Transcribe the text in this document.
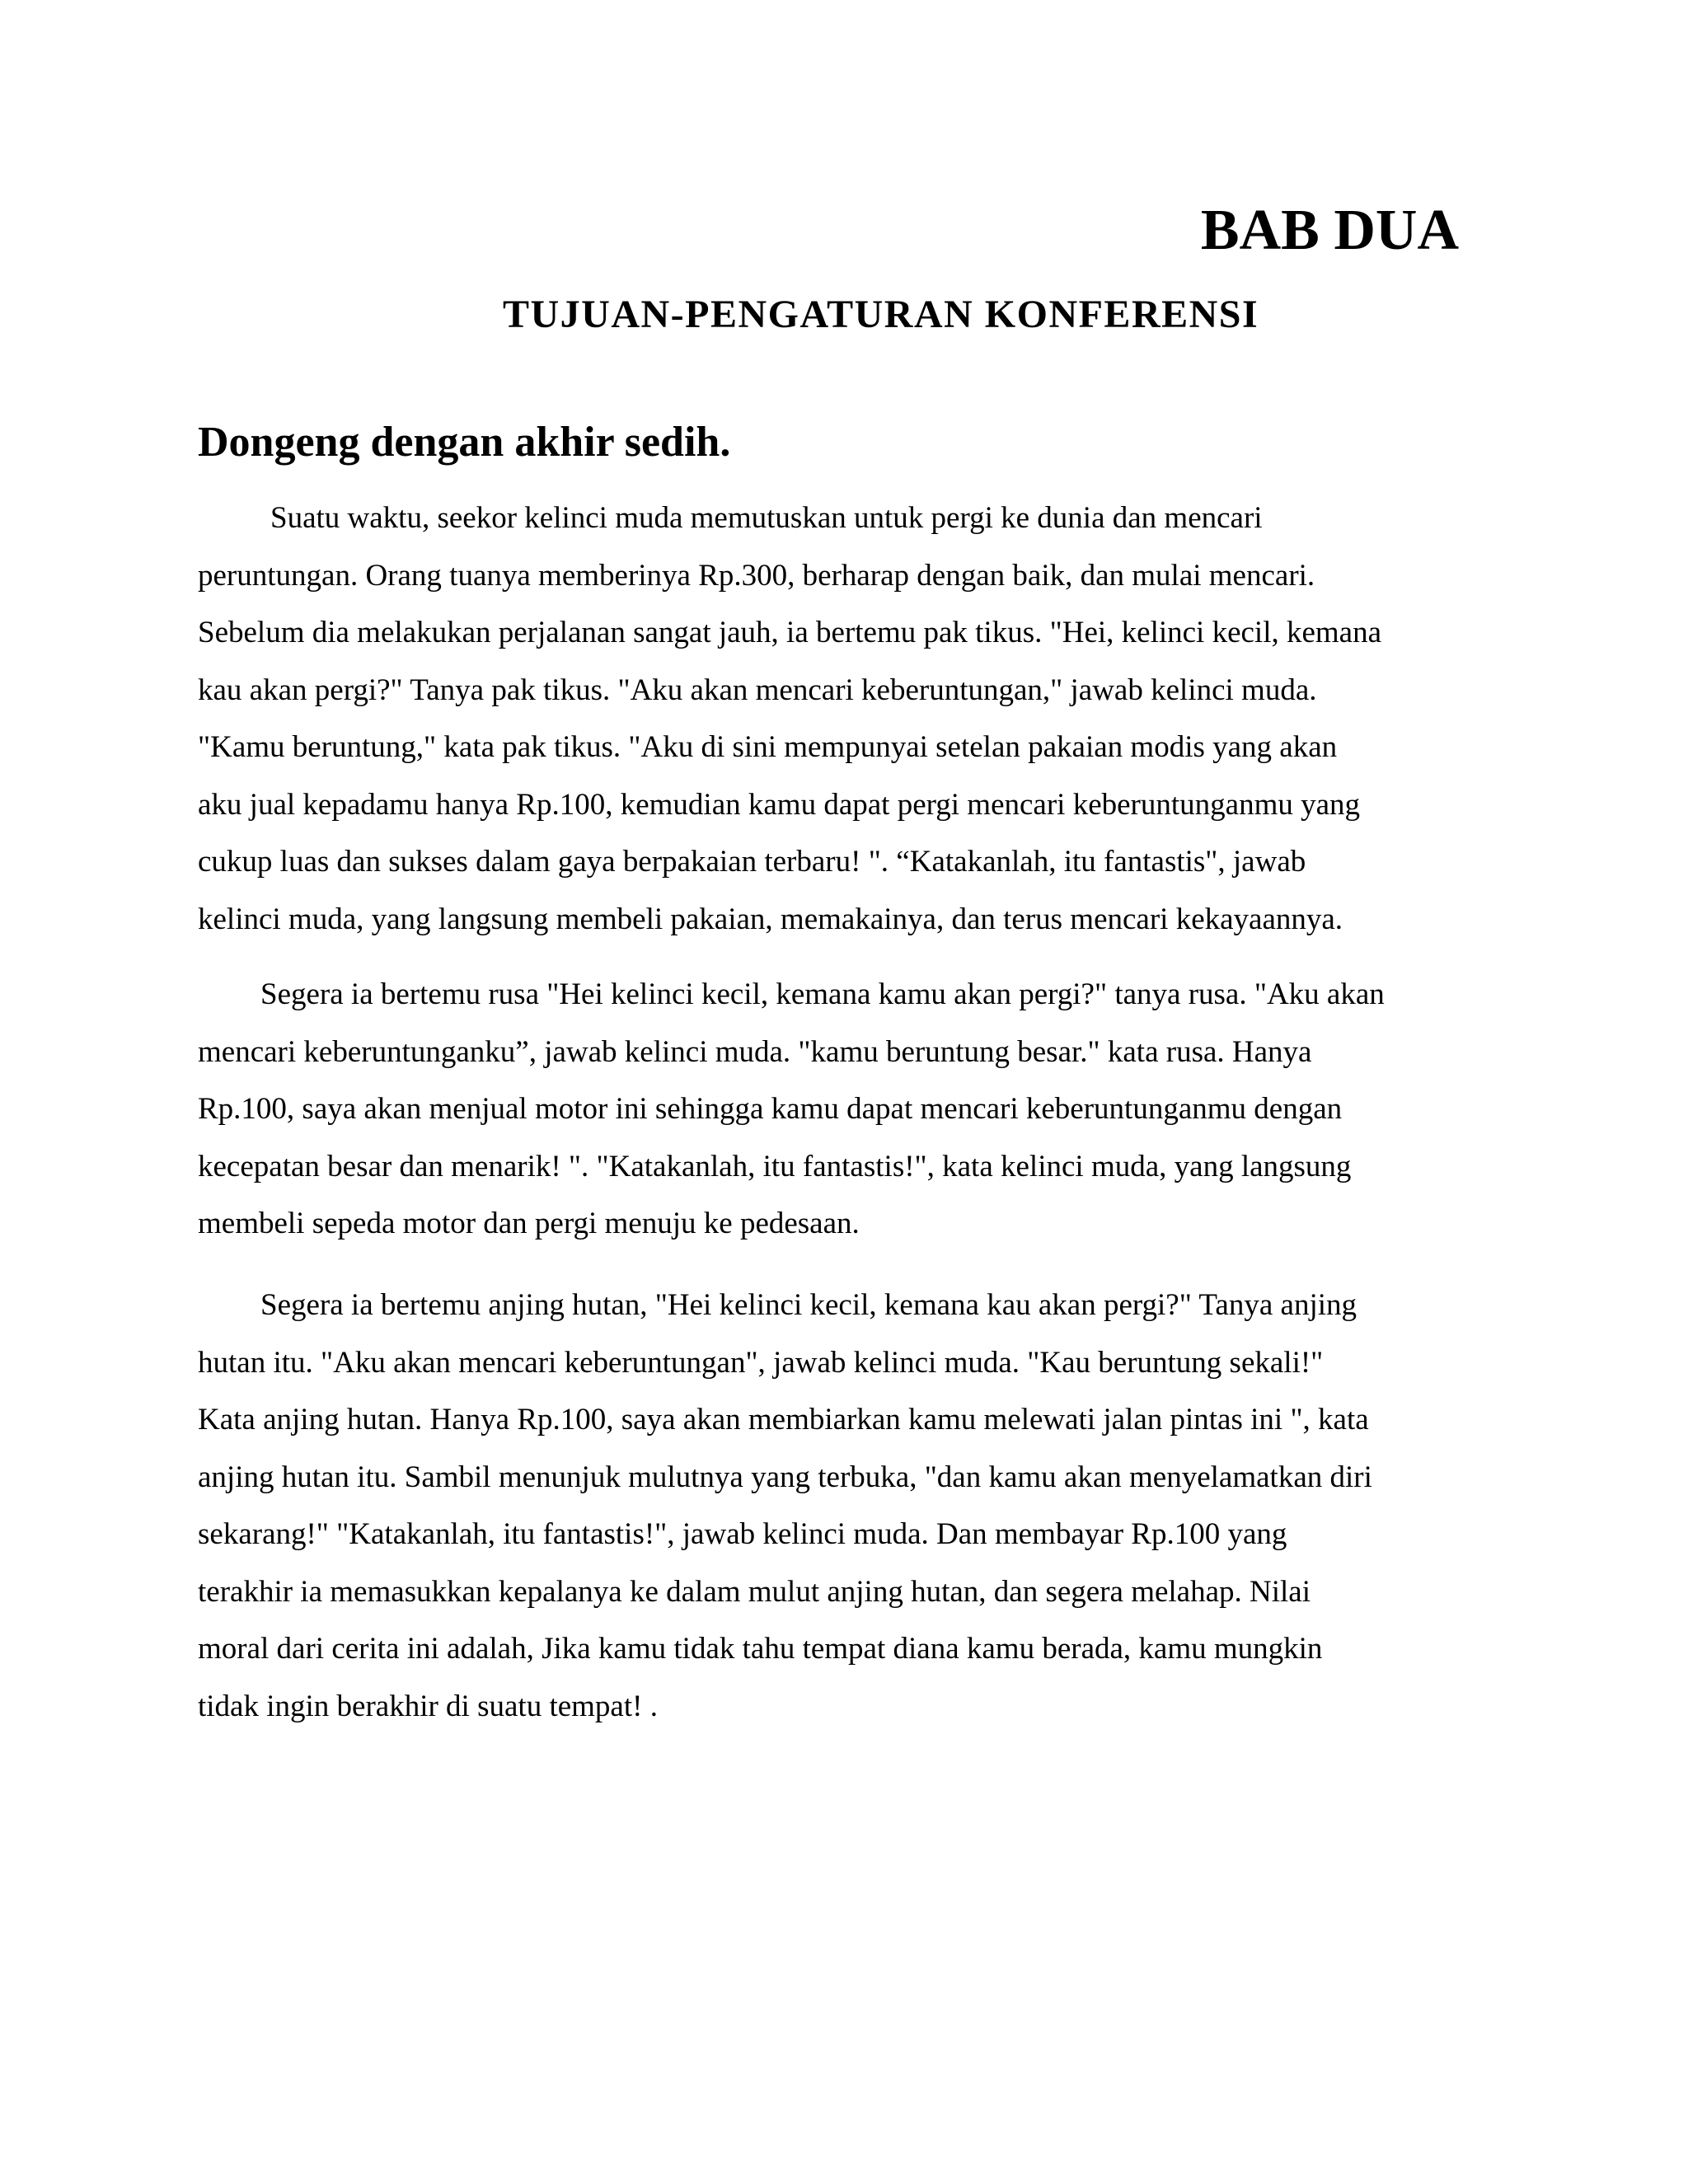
BAB DUA
TUJUAN-PENGATURAN KONFERENSI
Dongeng dengan akhir sedih.
Suatu waktu, seekor kelinci muda memutuskan untuk pergi ke dunia dan mencari
peruntungan. Orang tuanya memberinya Rp.300, berharap dengan baik, dan mulai mencari.
Sebelum dia melakukan perjalanan sangat jauh, ia bertemu pak tikus. "Hei, kelinci kecil, kemana
kau akan pergi?" Tanya pak tikus. "Aku akan mencari keberuntungan," jawab kelinci muda.
"Kamu beruntung," kata pak tikus. "Aku di sini mempunyai setelan pakaian modis yang akan
aku jual kepadamu hanya Rp.100, kemudian kamu dapat pergi mencari keberuntunganmu yang
cukup luas dan sukses dalam gaya berpakaian terbaru! ". “Katakanlah, itu fantastis", jawab
kelinci muda, yang langsung membeli pakaian, memakainya, dan terus mencari kekayaannya.
Segera ia bertemu rusa "Hei kelinci kecil, kemana kamu akan pergi?" tanya rusa. "Aku akan
mencari keberuntunganku”, jawab kelinci muda. "kamu beruntung besar." kata rusa. Hanya
Rp.100, saya akan menjual motor ini sehingga kamu dapat mencari keberuntunganmu dengan
kecepatan besar dan menarik! ". "Katakanlah, itu fantastis!", kata kelinci muda, yang langsung
membeli sepeda motor dan pergi menuju ke pedesaan.
Segera ia bertemu anjing hutan, "Hei kelinci kecil, kemana kau akan pergi?" Tanya anjing
hutan itu. "Aku akan mencari keberuntungan", jawab kelinci muda. "Kau beruntung sekali!"
Kata anjing hutan. Hanya Rp.100, saya akan membiarkan kamu melewati jalan pintas ini ", kata
anjing hutan itu. Sambil menunjuk mulutnya yang terbuka, "dan kamu akan menyelamatkan diri
sekarang!" "Katakanlah, itu fantastis!", jawab kelinci muda. Dan membayar Rp.100 yang
terakhir ia memasukkan kepalanya ke dalam mulut anjing hutan, dan segera melahap. Nilai
moral dari cerita ini adalah, Jika kamu tidak tahu tempat diana kamu berada, kamu mungkin
tidak ingin berakhir di suatu tempat! .
